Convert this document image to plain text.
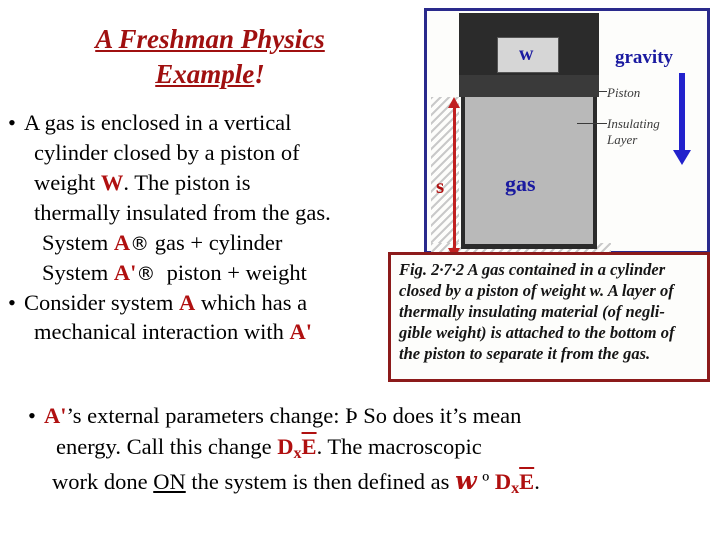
A Freshman Physics
Example!
• A gas is enclosed in a vertical
cylinder closed by a piston of
weight W. The piston is
thermally insulated from the gas.
System A® gas + cylinder
System A'® piston + weight
• Consider system A which has a
mechanical interaction with A'
Piston
Insulating
Layer
w
gas
gravity
s
Fig. 2·7·2 A gas contained in a cylinder
closed by a piston of weight w. A layer of
thermally insulating material (of negli-
gible weight) is attached to the bottom of
the piston to separate it from the gas.
• A'’s external parameters change: Þ So does it’s mean
energy. Call this change $D_x\overline{E}$. The macroscopic
work done ON the system is then defined as w º $D_x\overline{E}$.
